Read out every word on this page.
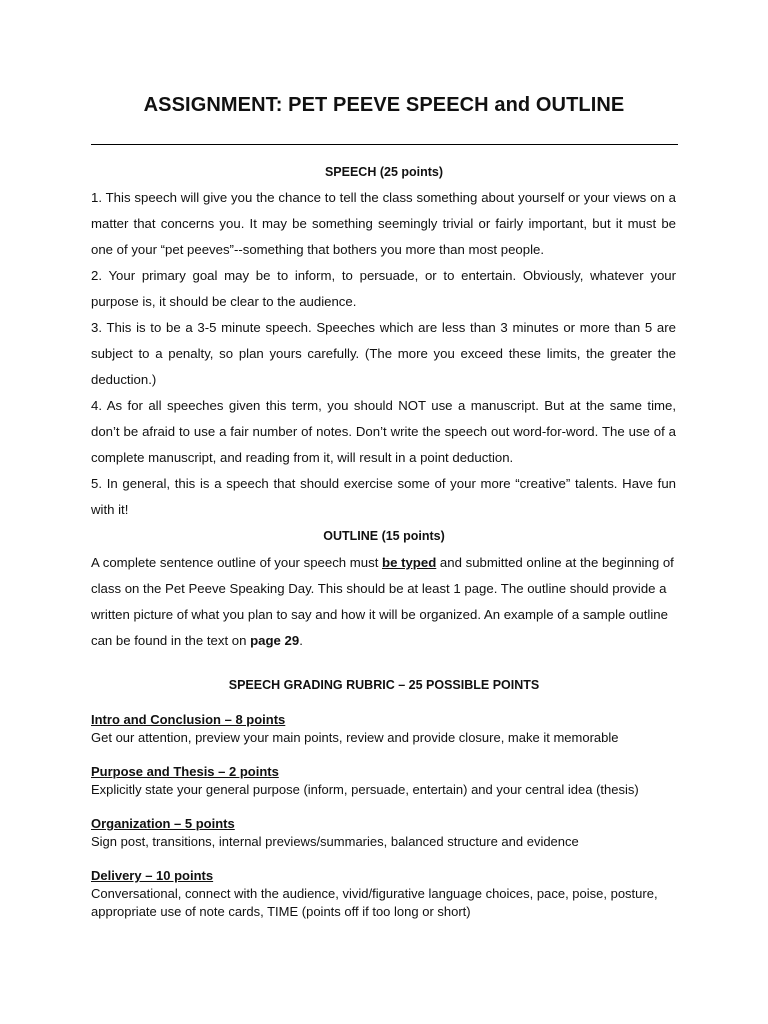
ASSIGNMENT: PET PEEVE SPEECH and OUTLINE
SPEECH (25 points)

1. This speech will give you the chance to tell the class something about yourself or your views on a matter that concerns you. It may be something seemingly trivial or fairly important, but it must be one of your “pet peeves”--something that bothers you more than most people.

2. Your primary goal may be to inform, to persuade, or to entertain. Obviously, whatever your purpose is, it should be clear to the audience.

3. This is to be a 3-5 minute speech. Speeches which are less than 3 minutes or more than 5 are subject to a penalty, so plan yours carefully. (The more you exceed these limits, the greater the deduction.)

4. As for all speeches given this term, you should NOT use a manuscript. But at the same time, don’t be afraid to use a fair number of notes. Don’t write the speech out word-for-word. The use of a complete manuscript, and reading from it, will result in a point deduction.

5. In general, this is a speech that should exercise some of your more “creative” talents. Have fun with it!

OUTLINE (15 points)

A complete sentence outline of your speech must be typed and submitted online at the beginning of class on the Pet Peeve Speaking Day. This should be at least 1 page. The outline should provide a written picture of what you plan to say and how it will be organized. An example of a sample outline can be found in the text on page 29.

SPEECH GRADING RUBRIC – 25 POSSIBLE POINTS
Intro and Conclusion – 8 points
Get our attention, preview your main points, review and provide closure, make it memorable
Purpose and Thesis – 2 points
Explicitly state your general purpose (inform, persuade, entertain) and your central idea (thesis)
Organization – 5 points
Sign post, transitions, internal previews/summaries, balanced structure and evidence
Delivery – 10 points
Conversational, connect with the audience, vivid/figurative language choices, pace, poise, posture, appropriate use of note cards, TIME (points off if too long or short)
